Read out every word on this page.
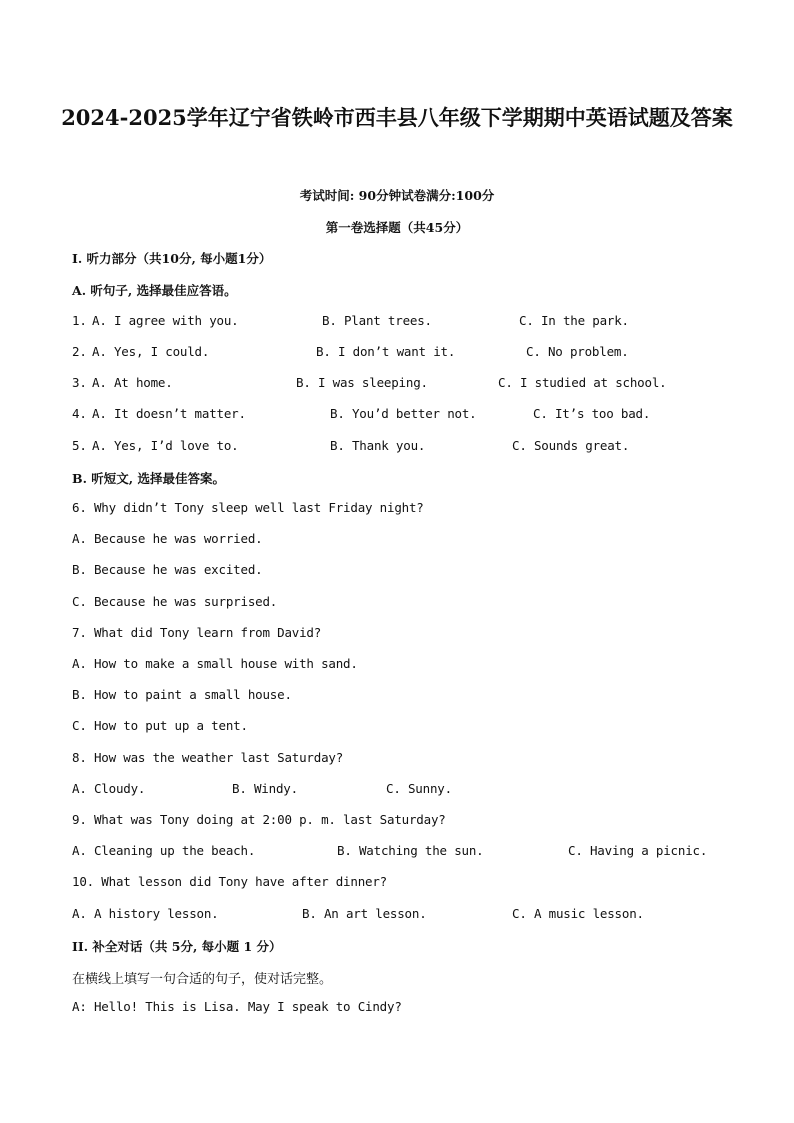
2024-2025学年辽宁省铁岭市西丰县八年级下学期期中英语试题及答案
考试时间: 90分钟试卷满分:100分
第一卷选择题（共45分）
I. 听力部分（共10分, 每小题1分）
A. 听句子, 选择最佳应答语。
1. A. I agree with you.	B. Plant trees.	C. In the park.
2. A. Yes, I could.	B. I don’t want it.	C. No problem.
3. A. At home.	B. I was sleeping.	C. I studied at school.
4. A. It doesn’t matter.	B. You’d better not.	C. It’s too bad.
5. A. Yes, I’d love to.	B. Thank you.	C. Sounds great.
B. 听短文, 选择最佳答案。
6. Why didn’t Tony sleep well last Friday night?
A. Because he was worried.
B. Because he was excited.
C. Because he was surprised.
7. What did Tony learn from David?
A. How to make a small house with sand.
B. How to paint a small house.
C. How to put up a tent.
8. How was the weather last Saturday?
A. Cloudy.	B. Windy.	C. Sunny.
9. What was Tony doing at 2:00 p. m. last Saturday?
A. Cleaning up the beach.	B. Watching the sun.	C. Having a picnic.
10. What lesson did Tony have after dinner?
A. A history lesson.	B. An art lesson.	C. A music lesson.
II. 补全对话（共 5分, 每小题 1 分）
在横线上填写一句合适的句子，使对话完整。
A: Hello! This is Lisa. May I speak to Cindy?
